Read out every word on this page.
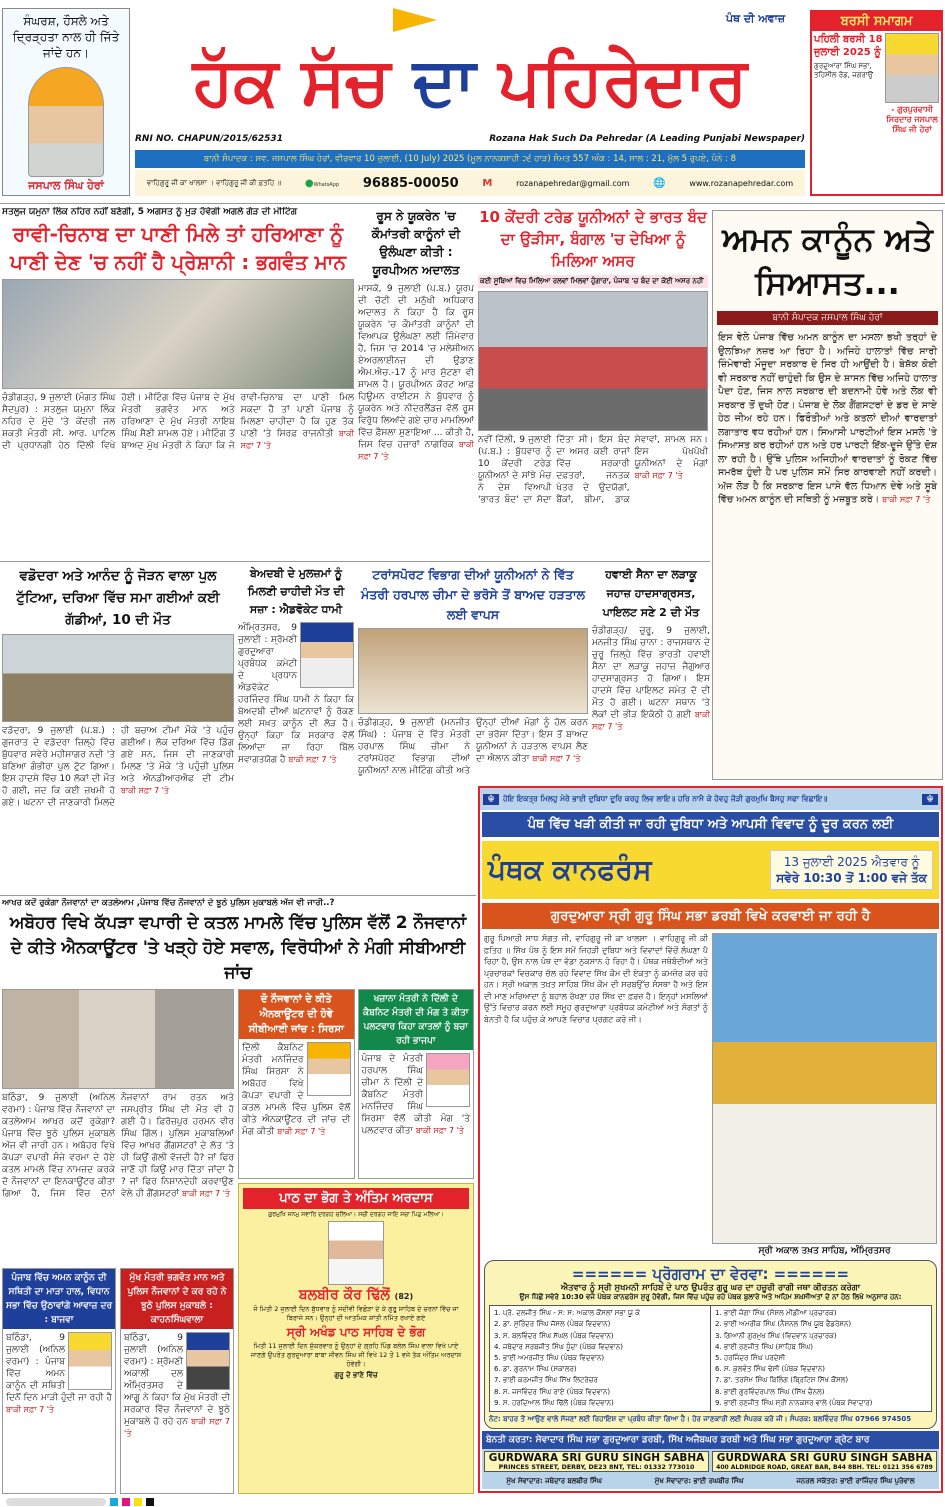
ਸੰਘਰਸ਼, ਹੌਸਲੇ ਅਤੇ ਦ੍ਰਿੜ੍ਹਤਾ ਨਾਲ ਹੀ ਜਿੱਤੇ ਜਾਂਦੇ ਹਨ।
ਜਸਪਾਲ ਸਿੰਘ ਹੇਰਾਂ
ਪੰਥ ਦੀ ਅਵਾਜ਼
ਹੱਕ ਸੱਚ ਦਾ ਪਹਿਰੇਦਾਰ
RNI NO. CHAPUN/2015/62531	Rozana Hak Such Da Pehredar (A Leading Punjabi Newspaper)
ਬਾਨੀ ਸੰਪਾਦਕ : ਸਵ. ਜਸਪਾਲ ਸਿੰਘ ਹੇਰਾਂ, ਵੀਰਵਾਰ 10 ਜੁਲਾਈ, (10 July) 2025 (ਮੂਲ ਨਾਨਕਸ਼ਾਹੀ ੨੬ ਹਾੜ) ਸੰਮਤ 557 ਅੰਕ : 14, ਸਾਲ : 21, ਮੁੱਲ 5 ਰੁਪਏ, ਪੰਨੇ : 8
ਵਾਹਿਗੁਰੂ ਜੀ ਕਾ ਖਾਲਸਾ । ਵਾਹਿਗੁਰੂ ਜੀ ਕੀ ਫ਼ਤਹਿ ॥ ●WhatsApp 96885-00050 M	rozanapehredar@gmail.com 🌐	www.rozanapehredar.com
ਬਰਸੀ ਸਮਾਗਮ
ਪਹਿਲੀ ਬਰਸੀ 18 ਜੁਲਾਈ 2025 ਨੂੰ
ਗੁਰਦੁਆਰਾ ਸਿੰਘ ਸਭਾ, ਤਹਿਸੀਲ ਰੋਡ, ਜਗਰਾਉਂ
- ਗੁਰਪੁਰਵਾਸੀ ਸਿਰਦਾਰ ਜਸਪਾਲ ਸਿੰਘ ਜੀ ਹੇਰਾਂ
ਸਤਲੁਜ ਯਮੁਨਾ ਲਿੰਕ ਨਹਿਰ ਨਹੀਂ ਬਣੇਗੀ, 5 ਅਗਸਤ ਨੂੰ ਮੁੜ ਹੋਵੇਗੀ ਅਗਲੇ ਗੇੜ ਦੀ ਮੀਟਿੰਗ
ਰਾਵੀ-ਚਿਨਾਬ ਦਾ ਪਾਣੀ ਮਿਲੇ ਤਾਂ ਹਰਿਆਣਾ ਨੂੰ ਪਾਣੀ ਦੇਣ 'ਚ ਨਹੀਂ ਹੈ ਪ੍ਰੇਸ਼ਾਨੀ : ਭਗਵੰਤ ਮਾਨ
ਚੰਡੀਗੜ੍ਹ, 9 ਜੁਲਾਈ (ਮੰਗਤ ਸਿੰਘ ਸੈਦਪੁਰ) : ਸਤਲੁਜ ਯਮੁਨਾ ਲਿੰਕ ਨਹਿਰ ਦੇ ਮੁੱਦੇ 'ਤੇ ਕੇਂਦਰੀ ਜਲ ਸ਼ਕਤੀ ਮੰਤਰੀ ਸੀ. ਆਰ. ਪਾਟਿਲ ਦੀ ਪ੍ਰਧਾਨਗੀ ਹੇਠ ਦਿੱਲੀ ਵਿਖੇ ਹੋਈ। ਮੀਟਿੰਗ ਵਿੱਚ ਪੰਜਾਬ ਦੇ ਮੁੱਖ ਮੰਤਰੀ ਭਗਵੰਤ ਮਾਨ ਅਤੇ ਹਰਿਆਣਾ ਦੇ ਮੁੱਖ ਮੰਤਰੀ ਨਾਇਬ ਸਿੰਘ ਸੈਣੀ ਸ਼ਾਮਲ ਹੋਏ। ਮੀਟਿੰਗ ਤੋਂ ਬਾਅਦ ਮੁੱਖ ਮੰਤਰੀ ਨੇ ਕਿਹਾ ਕਿ ਜੇ ਰਾਵੀ-ਚਿਨਾਬ ਦਾ ਪਾਣੀ ਮਿਲ ਸਕਦਾ ਹੈ ਤਾਂ ਪਾਣੀ ਪੰਜਾਬ ਨੂੰ ਮਿਲਣਾ ਚਾਹੀਦਾ ਹੈ ਕਿ ਹੁਣ ਤੱਕ ਪਾਣੀ 'ਤੇ ਸਿਰਫ਼ ਰਾਜਨੀਤੀ ਬਾਕੀ ਸਫ਼ਾ 7 'ਤੇ
ਰੂਸ ਨੇ ਯੂਕਰੇਨ 'ਚ ਕੌਮਾਂਤਰੀ ਕਾਨੂੰਨਾਂ ਦੀ ਉਲੰਘਣਾ ਕੀਤੀ : ਯੂਰਪੀਅਨ ਅਦਾਲਤ
ਮਾਸਕੋ, 9 ਜੁਲਾਈ (ਪ.ਬ.) ਯੂਰਪ ਦੀ ਚੋਟੀ ਦੀ ਮਨੁੱਖੀ ਅਧਿਕਾਰ ਅਦਾਲਤ ਨੇ ਕਿਹਾ ਹੈ ਕਿ ਰੂਸ ਯੂਕਰੇਨ 'ਚ ਕੌਮਾਂਤਰੀ ਕਾਨੂੰਨਾਂ ਦੀ ਵਿਆਪਕ ਉਲੰਘਣਾ ਲਈ ਜ਼ਿੰਮੇਵਾਰ ਹੈ, ਜਿਸ 'ਚ 2014 'ਚ ਮਲੇਸ਼ੀਅਨ ਏਅਰਲਾਈਨਜ਼ ਦੀ ਉਡਾਣ ਐਮ.ਐਚ.-17 ਨੂੰ ਮਾਰ ਸੁੱਟਣਾ ਵੀ ਸ਼ਾਮਲ ਹੈ। ਯੂਰਪੀਅਨ ਕੋਰਟ ਆਫ਼ ਹਿਊਮਨ ਰਾਈਟਸ ਨੇ ਬੁੱਧਵਾਰ ਨੂੰ ਯੂਕਰੇਨ ਅਤੇ ਨੀਦਰਲੈਂਡਜ਼ ਵੱਲੋਂ ਰੂਸ ਵਿਰੁੱਧ ਲਿਆਂਦੇ ਗਏ ਚਾਰ ਮਾਮਲਿਆਂ ਵਿੱਚ ਫ਼ੈਸਲਾ ਸੁਣਾਇਆ ... ਕੀਤੀ ਹੈ, ਜਿਸ ਵਿਚ ਹਜ਼ਾਰਾਂ ਨਾਗਰਿਕ ਬਾਕੀ ਸਫ਼ਾ 7 'ਤੇ
10 ਕੇਂਦਰੀ ਟਰੇਡ ਯੂਨੀਅਨਾਂ ਦੇ ਭਾਰਤ ਬੰਦ ਦਾ ਉੜੀਸਾ, ਬੰਗਾਲ 'ਚ ਦੇਖਿਆ ਨੂੰ ਮਿਲਿਆ ਅਸਰ
ਕਈ ਸੂਬਿਆਂ ਵਿਚ ਮਿਲਿਆ ਰਲਵਾਂ ਮਿਲਵਾਂ ਹੁੰਗਾਰਾ, ਪੰਜਾਬ 'ਚ ਬੰਦ ਦਾ ਕੋਈ ਅਸਰ ਨਹੀਂ
ਨਵੀਂ ਦਿੱਲੀ, 9 ਜੁਲਾਈ (ਪ.ਬ.) : ਬੁੱਧਵਾਰ ਨੂੰ 10 ਕੇਂਦਰੀ ਟਰੇਡ ਯੂਨੀਅਨਾਂ ਦੇ ਸਾਂਝੇ ਮੰਚ ਨੇ ਦੇਸ਼ ਵਿਆਪੀ 'ਭਾਰਤ ਬੰਦ' ਦਾ ਸੱਦਾ ਦਿੱਤਾ ਸੀ। ਇਸ ਬੰਦ ਦਾ ਅਸਰ ਕਈ ਰਾਜਾਂ ਵਿੱਚ ਸਰਕਾਰੀ ਦਫ਼ਤਰਾਂ, ਜਨਤਕ ਖੇਤਰ ਦੇ ਉਦਯੋਗਾਂ, ਬੈਂਕਾਂ, ਬੀਮਾ, ਡਾਕ ਸੇਵਾਵਾਂ, ਸ਼ਾਮਲ ਸਨ। ਇਸ ਪੱਖਪੱਖੀ ਯੂਨੀਅਨਾਂ ਦੇ ਮੰਗਾਂ ਬਾਕੀ ਸਫ਼ਾ 7 'ਤੇ
ਅਮਨ ਕਾਨੂੰਨ ਅਤੇ ਸਿਆਸਤ...
ਬਾਨੀ ਸੰਪਾਦਕ ਜਸਪਾਲ ਸਿੰਘ ਹੇਰਾਂ
ਇਸ ਵੇਲੇ ਪੰਜਾਬ ਵਿੱਚ ਅਮਨ ਕਾਨੂੰਨ ਦਾ ਮਸਲਾ ਭਖੀ ਤਰ੍ਹਾਂ ਦੇ ਉਲਝਿਆ ਨਜ਼ਰ ਆ ਰਿਹਾ ਹੈ। ਅਜਿਹੇ ਹਾਲਾਤਾਂ ਵਿੱਚ ਸਾਰੀ ਜ਼ਿੰਮੇਵਾਰੀ ਮੌਜੂਦਾ ਸਰਕਾਰ ਦੇ ਸਿਰ ਹੀ ਆਉਂਦੀ ਹੈ। ਬੇਸ਼ੱਕ ਕੋਈ ਵੀ ਸਰਕਾਰ ਨਹੀਂ ਚਾਹੁੰਦੀ ਕਿ ਉਸ ਦੇ ਸ਼ਾਸਨ ਵਿੱਚ ਅਜਿਹੇ ਹਾਲਾਤ ਪੈਦਾ ਹੋਣ, ਜਿਸ ਨਾਲ ਸਰਕਾਰ ਦੀ ਬਦਨਾਮੀ ਹੋਵੇ ਅਤੇ ਲੋਕ ਵੀ ਸਰਕਾਰ ਤੋਂ ਦੁਖੀ ਹੋਣ। ਪੰਜਾਬ ਦੇ ਲੋਕ ਗੈਂਗਸਟਰਾਂ ਦੇ ਡਰ ਦੇ ਸਾਏ ਹੇਠ ਜੀਅ ਰਹੇ ਹਨ। ਫਿਰੌਤੀਆਂ ਅਤੇ ਕਤਲਾਂ ਦੀਆਂ ਵਾਰਦਾਤਾਂ ਲਗਾਤਾਰ ਵਧ ਰਹੀਆਂ ਹਨ। ਸਿਆਸੀ ਪਾਰਟੀਆਂ ਇਸ ਮਸਲੇ 'ਤੇ ਸਿਆਸਤ ਕਰ ਰਹੀਆਂ ਹਨ ਅਤੇ ਹਰ ਪਾਰਟੀ ਇੱਕ-ਦੂਜੇ ਉੱਤੇ ਦੋਸ਼ ਲਾ ਰਹੀ ਹੈ। ਉੱਥੇ ਪੁਲਿਸ ਅਜਿਹੀਆਂ ਵਾਰਦਾਤਾਂ ਨੂੰ ਰੋਕਣ ਵਿੱਚ ਸਮਰੱਥ ਹੁੰਦੀ ਹੈ ਪਰ ਪੁਲਿਸ ਸਮੇਂ ਸਿਰ ਕਾਰਵਾਈ ਨਹੀਂ ਕਰਦੀ। ਅੱਜ ਲੋੜ ਹੈ ਕਿ ਸਰਕਾਰ ਇਸ ਪਾਸੇ ਵੱਲ ਧਿਆਨ ਦੇਵੇ ਅਤੇ ਸੂਬੇ ਵਿੱਚ ਅਮਨ ਕਾਨੂੰਨ ਦੀ ਸਥਿਤੀ ਨੂੰ ਮਜ਼ਬੂਤ ਕਰੇ। ਬਾਕੀ ਸਫ਼ਾ 7 'ਤੇ
ਵਡੋਦਰਾ ਅਤੇ ਆਨੰਦ ਨੂੰ ਜੋੜਨ ਵਾਲਾ ਪੁਲ ਟੁੱਟਿਆ, ਦਰਿਆ ਵਿੱਚ ਸਮਾ ਗਈਆਂ ਕਈ ਗੱਡੀਆਂ, 10 ਦੀ ਮੌਤ
ਵਡੋਦਰਾ, 9 ਜੁਲਾਈ (ਪ.ਬ.) : ਗੁਜਰਾਤ ਦੇ ਵਡੋਦਰਾ ਜ਼ਿਲ੍ਹੇ ਵਿੱਚ ਬੁੱਧਵਾਰ ਸਵੇਰੇ ਮਹੀਸਾਗਰ ਨਦੀ 'ਤੇ ਬਣਿਆ ਗੰਭੀਰਾ ਪੁਲ ਟੁੱਟ ਗਿਆ। ਇਸ ਹਾਦਸੇ ਵਿੱਚ 10 ਲੋਕਾਂ ਦੀ ਮੌਤ ਹੋ ਗਈ, ਜਦ ਕਿ ਕਈ ਜ਼ਖਮੀ ਹੋ ਗਏ। ਘਟਨਾ ਦੀ ਜਾਣਕਾਰੀ ਮਿਲਦੇ ਹੀ ਬਚਾਅ ਟੀਮਾਂ ਮੌਕੇ 'ਤੇ ਪਹੁੰਚ ਗਈਆਂ। ਲੋਕ ਦਰਿਆ ਵਿੱਚ ਡਿੱਗ ਗਏ ਸਨ, ਜਿਸ ਦੀ ਜਾਣਕਾਰੀ ਮਿਲਣ 'ਤੇ ਮੌਕੇ 'ਤੇ ਪਹੁੰਚੀ ਪੁਲਿਸ ਅਤੇ ਐਨਡੀਆਰਐਫ ਦੀ ਟੀਮ ਬਾਕੀ ਸਫ਼ਾ 7 'ਤੇ
ਬੇਅਦਬੀ ਦੇ ਮੁਲਜ਼ਮਾਂ ਨੂੰ ਮਿਲਣੀ ਚਾਹੀਦੀ ਮੌਤ ਦੀ ਸਜ਼ਾ : ਐਡਵੋਕੇਟ ਧਾਮੀ
ਅੰਮ੍ਰਿਤਸਰ, 9 ਜੁਲਾਈ : ਸ਼੍ਰੋਮਣੀ ਗੁਰਦੁਆਰਾ ਪ੍ਰਬੰਧਕ ਕਮੇਟੀ ਦੇ ਪ੍ਰਧਾਨ ਐਡਵੋਕੇਟ ਹਰਜਿੰਦਰ ਸਿੰਘ ਧਾਮੀ ਨੇ ਕਿਹਾ ਕਿ ਬੇਅਦਬੀ ਦੀਆਂ ਘਟਨਾਵਾਂ ਨੂੰ ਰੋਕਣ ਲਈ ਸਖ਼ਤ ਕਾਨੂੰਨ ਦੀ ਲੋੜ ਹੈ। ਉਨ੍ਹਾਂ ਕਿਹਾ ਕਿ ਸਰਕਾਰ ਵੱਲੋਂ ਲਿਆਂਦਾ ਜਾ ਰਿਹਾ ਬਿੱਲ ਸਵਾਗਤਯੋਗ ਹੈ ਬਾਕੀ ਸਫ਼ਾ 7 'ਤੇ
ਟਰਾਂਸਪੋਰਟ ਵਿਭਾਗ ਦੀਆਂ ਯੂਨੀਅਨਾਂ ਨੇ ਵਿੱਤ ਮੰਤਰੀ ਹਰਪਾਲ ਚੀਮਾ ਦੇ ਭਰੋਸੇ ਤੋਂ ਬਾਅਦ ਹੜਤਾਲ ਲਈ ਵਾਪਸ
ਚੰਡੀਗੜ੍ਹ, 9 ਜੁਲਾਈ (ਮਨਜੀਤ ਸਿੰਘ) : ਪੰਜਾਬ ਦੇ ਵਿੱਤ ਮੰਤਰੀ ਹਰਪਾਲ ਸਿੰਘ ਚੀਮਾ ਨੇ ਟਰਾਂਸਪੋਰਟ ਵਿਭਾਗ ਦੀਆਂ ਯੂਨੀਅਨਾਂ ਨਾਲ ਮੀਟਿੰਗ ਕੀਤੀ ਅਤੇ ਉਨ੍ਹਾਂ ਦੀਆਂ ਮੰਗਾਂ ਨੂੰ ਹੱਲ ਕਰਨ ਦਾ ਭਰੋਸਾ ਦਿੱਤਾ। ਇਸ ਤੋਂ ਬਾਅਦ ਯੂਨੀਅਨਾਂ ਨੇ ਹੜਤਾਲ ਵਾਪਸ ਲੈਣ ਦਾ ਐਲਾਨ ਕੀਤਾ ਬਾਕੀ ਸਫ਼ਾ 7 'ਤੇ
ਹਵਾਈ ਸੈਨਾ ਦਾ ਲੜਾਕੂ ਜਹਾਜ਼ ਹਾਦਸਾਗ੍ਰਸਤ, ਪਾਇਲਟ ਸਣੇ 2 ਦੀ ਮੌਤ
ਚੰਡੀਗੜ੍ਹ/ ਚੁਰੂ, 9 ਜੁਲਾਈ, ਮਨਜੀਤ ਸਿੰਘ ਚਾਨਾ : ਰਾਜਸਥਾਨ ਦੇ ਚੁਰੂ ਜ਼ਿਲ੍ਹੇ ਵਿੱਚ ਭਾਰਤੀ ਹਵਾਈ ਸੈਨਾ ਦਾ ਲੜਾਕੂ ਜਹਾਜ਼ ਜੈਗੁਆਰ ਹਾਦਸਾਗ੍ਰਸਤ ਹੋ ਗਿਆ। ਇਸ ਹਾਦਸੇ ਵਿੱਚ ਪਾਇਲਟ ਸਮੇਤ ਦੋ ਦੀ ਮੌਤ ਹੋ ਗਈ। ਘਟਨਾ ਸਥਾਨ 'ਤੇ ਲੋਕਾਂ ਦੀ ਭੀੜ ਇਕੱਠੀ ਹੋ ਗਈ ਬਾਕੀ ਸਫ਼ਾ 7 'ਤੇ
ਆਖਰ ਕਦੋਂ ਰੁਕੇਗਾ ਨੌਜਵਾਨਾਂ ਦਾ ਕਤਲੇਆਮ ,ਪੰਜਾਬ ਵਿੱਚ ਨੌਜਵਾਨਾਂ ਦੇ ਝੂਠੇ ਪੁਲਿਸ ਮੁਕਾਬਲੇ ਅੱਜ ਵੀ ਜਾਰੀ..?
ਅਬੋਹਰ ਵਿਖੇ ਕੱਪੜਾ ਵਪਾਰੀ ਦੇ ਕਤਲ ਮਾਮਲੇ ਵਿੱਚ ਪੁਲਿਸ ਵੱਲੋਂ 2 ਨੌਜਵਾਨਾਂ ਦੇ ਕੀਤੇ ਐਨਕਾਊਂਟਰ 'ਤੇ ਖੜ੍ਹੇ ਹੋਏ ਸਵਾਲ, ਵਿਰੋਧੀਆਂ ਨੇ ਮੰਗੀ ਸੀਬੀਆਈ ਜਾਂਚ
ਬਠਿੰਡਾ, 9 ਜੁਲਾਈ (ਅਨਿਲ ਵਰਮਾ) : ਪੰਜਾਬ ਵਿੱਚ ਨੌਜਵਾਨਾਂ ਦਾ ਕਤਲੇਆਮ ਆਖਰ ਕਦੋਂ ਰੁਕੇਗਾ? ਪੰਜਾਬ ਵਿੱਚ ਝੂਠੇ ਪੁਲਿਸ ਮੁਕਾਬਲੇ ਅੱਜ ਵੀ ਜਾਰੀ ਹਨ। ਅਬੋਹਰ ਵਿਖੇ ਕੱਪੜਾ ਵਪਾਰੀ ਸੰਜੇ ਵਰਮਾ ਦੇ ਹੋਏ ਕਤਲ ਮਾਮਲੇ ਵਿੱਚ ਨਾਮਜ਼ਦ ਕਰਕੇ ਦੋ ਨੌਜਵਾਨਾਂ ਦਾ ਇਨਕਾਊਂਟਰ ਕੀਤਾ ਗਿਆ ਹੈ, ਜਿਸ ਵਿੱਚ ਦੋਨਾਂ ਨੌਜਵਾਨਾਂ ਰਾਮ ਰਤਨ ਅਤੇ ਜਸਪ੍ਰੀਤ ਸਿੰਘ ਦੀ ਮੌਤ ਵੀ ਹੋ ਗਈ ਹੈ। ਫ਼ਿਰੋਜ਼ਪੁਰ ਹਰਮਨ ਵੀਰ ਸਿੰਘ ਗਿੱਲ। ਪੁਲਿਸ ਮੁਕਾਬਲਿਆਂ ਵਿੱਚ ਆਖਰ ਗੈਂਗਸਟਰਾਂ ਦੇ ਲੱਤ 'ਤੇ ਹੀ ਕਿਉਂ ਗੋਲੀ ਵੱਜਦੀ ਹੈ? ਜਾਂ ਫਿਰ ਜਾਣੋਂ ਹੀ ਕਿਉਂ ਮਾਰ ਦਿੱਤਾ ਜਾਂਦਾ ਹੈ ? ਜਾਂ ਫਿਰ ਨਿਸ਼ਾਨਦੇਹੀ ਕਰਵਾਉਣ ਵੇਲੇ ਹੀ ਗੈਂਗਸਟਰਾਂ ਬਾਕੀ ਸਫ਼ਾ 7 'ਤੇ
ਪੰਜਾਬ ਵਿੱਚ ਅਮਨ ਕਾਨੂੰਨ ਦੀ ਸਥਿਤੀ ਦਾ ਮਾੜਾ ਹਾਲ, ਵਿਧਾਨ ਸਭਾ ਵਿੱਚ ਉਠਾਵਾਂਗੇ ਆਵਾਜ਼ ਦਰ : ਬਾਜਵਾ
ਬਠਿੰਡਾ, 9 ਜੁਲਾਈ (ਅਨਿਲ ਵਰਮਾ) : ਪੰਜਾਬ ਵਿੱਚ ਅਮਨ ਕਾਨੂੰਨ ਦੀ ਸਥਿਤੀ ਦਿਨੋਂ ਦਿਨ ਮਾੜੀ ਹੁੰਦੀ ਜਾ ਰਹੀ ਹੈ ਬਾਕੀ ਸਫ਼ਾ 7 'ਤੇ
ਮੁੱਖ ਮੰਤਰੀ ਭਗਵੰਤ ਮਾਨ ਅਤੇ ਪੁਲਿਸ ਨੌਜਵਾਨਾਂ ਦੇ ਕਰ ਰਹੇ ਨੇ ਝੂਠੇ ਪੁਲਿਸ ਮੁਕਾਬਲੇ : ਕਾਹਨਸਿੰਘਵਾਲਾ
ਬਠਿੰਡਾ, 9 ਜੁਲਾਈ (ਅਨਿਲ ਵਰਮਾ) : ਸ਼੍ਰੋਮਣੀ ਅਕਾਲੀ ਦਲ ਅੰਮ੍ਰਿਤਸਰ ਦੇ ਆਗੂ ਨੇ ਕਿਹਾ ਕਿ ਮੁੱਖ ਮੰਤਰੀ ਦੀ ਸਰਕਾਰ ਵਿੱਚ ਨੌਜਵਾਨਾਂ ਦੇ ਝੂਠੇ ਮੁਕਾਬਲੇ ਹੋ ਰਹੇ ਹਨ ਬਾਕੀ ਸਫ਼ਾ 7 'ਤੇ
ਦੋ ਨੌਜਵਾਨਾਂ ਦੇ ਕੀਤੇ ਐਨਕਾਊਂਟਰ ਦੀ ਹੋਵੇ ਸੀਬੀਆਈ ਜਾਂਚ : ਸਿਰਸਾ
ਦਿੱਲੀ ਕੈਬਨਿਟ ਮੰਤਰੀ ਮਨਜਿੰਦਰ ਸਿੰਘ ਸਿਰਸਾ ਨੇ ਅਬੋਹਰ ਵਿਖੇ ਕੱਪੜਾ ਵਪਾਰੀ ਦੇ ਕਤਲ ਮਾਮਲੇ ਵਿੱਚ ਪੁਲਿਸ ਵੱਲੋਂ ਕੀਤੇ ਐਨਕਾਊਂਟਰ ਦੀ ਜਾਂਚ ਦੀ ਮੰਗ ਕੀਤੀ ਬਾਕੀ ਸਫ਼ਾ 7 'ਤੇ
ਖਜ਼ਾਨਾ ਮੰਤਰੀ ਨੇ ਦਿੱਲੀ ਦੇ ਕੈਬਨਿਟ ਮੰਤਰੀ ਦੀ ਮੰਗ ਤੇ ਕੀਤਾ ਪਲਟਵਾਰ ਕਿਹਾ ਕਾਤਲਾਂ ਨੂੰ ਬਚਾ ਰਹੀ ਭਾਜਪਾ
ਪੰਜਾਬ ਦੇ ਮੰਤਰੀ ਹਰਪਾਲ ਸਿੰਘ ਚੀਮਾ ਨੇ ਦਿੱਲੀ ਦੇ ਕੈਬਨਿਟ ਮੰਤਰੀ ਮਨਜਿੰਦਰ ਸਿੰਘ ਸਿਰਸਾ ਵੱਲੋਂ ਕੀਤੀ ਮੰਗ 'ਤੇ ਪਲਟਵਾਰ ਕੀਤਾ ਬਾਕੀ ਸਫ਼ਾ 7 'ਤੇ
ਪਾਠ ਦਾ ਭੋਗ ਤੇ ਅੰਤਿਮ ਅਰਦਾਸ
ਗੁਰਮੁਖਿ ਜਨਮੁ ਸਵਾਰਿ ਦਰਗਹ ਚਲਿਆ। ਸਚੀ ਦਰਗਹ ਜਾਇ ਸਚਾ ਪਿੜੁ ਮਲਿਆ।
ਬਲਬੀਰ ਕੌਰ ਢਿੱਲੋਂ (82)
ਜੋ ਮਿਤੀ 2 ਜੁਲਾਈ ਦਿਨ ਬੁੱਧਵਾਰ ਨੂੰ ਸਦੀਵੀ ਵਿਛੋੜਾ ਦੇ ਕੇ ਗੁਰੂ ਸਾਹਿਬ ਦੇ ਚਰਨਾਂ ਵਿੱਚ ਜਾ ਬਿਰਾਜੇ ਸਨ। ਉਨ੍ਹਾਂ ਦੀ ਆਤਮਿਕ ਸ਼ਾਂਤੀ ਨਮਿੱਤ ਰਖਾਏ ਗਏ
ਸ੍ਰੀ ਅਖੰਡ ਪਾਠ ਸਾਹਿਬ ਦੇ ਭੋਗ
ਮਿਤੀ 11 ਜੁਲਾਈ ਦਿਨ ਸ਼ੁੱਕਰਵਾਰ ਨੂੰ ਉਨ੍ਹਾਂ ਦੇ ਗ੍ਰਹਿ ਪਿੰਡ ਬਲੇਲ ਸਿੰਘ ਵਾਲਾ ਵਿਖੇ ਪਾਏ ਜਾਣਗੇ ਉਪਰੰਤ ਗੁਰਦੁਆਰਾ ਬਾਬਾ ਜੀਵਨ ਸਿੰਘ ਜੀ ਵਿਖੇ 12 ਤੋਂ 1 ਵਜੇ ਤੱਕ ਅੰਤਿਮ ਅਰਦਾਸ ਹੋਵੇਗੀ।
ਗੁਰੂ ਦੇ ਭਾਣੇ ਵਿੱਚ
☬	ਹੋਇ ਇਕਤ੍ਰ ਮਿਲਹੁ ਮੇਰੇ ਭਾਈ ਦੁਬਿਧਾ ਦੂਰਿ ਕਰਹੁ ਲਿਵ ਲਾਇ॥ ਹਰਿ ਨਾਮੈ ਕੇ ਹੋਵਹੁ ਜੋੜੀ ਗੁਰਮੁਖਿ ਬੈਸਹੁ ਸਫਾ ਵਿਛਾਇ॥	☬
ਪੰਥ ਵਿੱਚ ਖੜੀ ਕੀਤੀ ਜਾ ਰਹੀ ਦੁਬਿਧਾ ਅਤੇ ਆਪਸੀ ਵਿਵਾਦ ਨੂੰ ਦੂਰ ਕਰਨ ਲਈ
ਪੰਥਕ ਕਾਨਫਰੰਸ	13 ਜੁਲਾਈ 2025 ਐਤਵਾਰ ਨੂੰ
ਸਵੇਰੇ 10:30 ਤੋਂ 1:00 ਵਜੇ ਤੱਕ
ਗੁਰਦੁਆਰਾ ਸ੍ਰੀ ਗੁਰੂ ਸਿੰਘ ਸਭਾ ਡਰਬੀ ਵਿਖੇ ਕਰਵਾਈ ਜਾ ਰਹੀ ਹੈ
ਗੁਰੂ ਪਿਆਰੀ ਸਾਧ ਸੰਗਤ ਜੀ, ਵਾਹਿਗੁਰੂ ਜੀ ਕਾ ਖਾਲਸਾ । ਵਾਹਿਗੁਰੂ ਜੀ ਕੀ ਫ਼ਤਿਹ ॥ ਸਿੱਖ ਪੰਥ ਨੂੰ ਇਸ ਸਮੇਂ ਜਿਹੜੀ ਦੁਬਿਧਾ ਅਤੇ ਵਿਵਾਦਾਂ ਵਿੱਚੋਂ ਲੰਘਣਾ ਪੈ ਰਿਹਾ ਹੈ, ਉਸ ਨਾਲ ਪੰਥ ਦਾ ਵੱਡਾ ਨੁਕਸਾਨ ਹੋ ਰਿਹਾ ਹੈ। ਪੰਥਕ ਜਥੇਬੰਦੀਆਂ ਅਤੇ ਪ੍ਰਚਾਰਕਾਂ ਵਿਚਕਾਰ ਚੱਲ ਰਹੇ ਵਿਵਾਦ ਸਿੱਖ ਕੌਮ ਦੀ ਏਕਤਾ ਨੂੰ ਕਮਜ਼ੋਰ ਕਰ ਰਹੇ ਹਨ। ਸ੍ਰੀ ਅਕਾਲ ਤਖ਼ਤ ਸਾਹਿਬ ਸਿੱਖ ਕੌਮ ਦੀ ਸਰਬਉੱਚ ਸੰਸਥਾ ਹੈ ਅਤੇ ਇਸ ਦੀ ਮਾਣ ਮਰਿਆਦਾ ਨੂੰ ਬਹਾਲ ਰੱਖਣਾ ਹਰ ਸਿੱਖ ਦਾ ਫ਼ਰਜ਼ ਹੈ। ਇਨ੍ਹਾਂ ਮਸਲਿਆਂ ਉੱਤੇ ਵਿਚਾਰ ਕਰਨ ਲਈ ਸਮੂਹ ਗੁਰਦੁਆਰਾ ਪ੍ਰਬੰਧਕ ਕਮੇਟੀਆਂ ਅਤੇ ਸੰਗਤਾਂ ਨੂੰ ਬੇਨਤੀ ਹੈ ਕਿ ਪਹੁੰਚ ਕੇ ਆਪਣੇ ਵਿਚਾਰ ਪ੍ਰਗਟ ਕਰੋ ਜੀ।
ਸ੍ਰੀ ਅਕਾਲ ਤਖ਼ਤ ਸਾਹਿਬ, ਅੰਮ੍ਰਿਤਸਰ
====== ਪ੍ਰੋਗਰਾਮ ਦਾ ਵੇਰਵਾ: ======
ਐਤਵਾਰ ਨੂੰ ਸ੍ਰੀ ਸੁਖਮਨੀ ਸਾਹਿਬ ਦੇ ਪਾਠ ਉਪਰੰਤ ਗੁਰੂ ਘਰ ਦਾ ਹਜ਼ੂਰੀ ਰਾਗੀ ਜਥਾ ਕੀਰਤਨ ਕਰੇਗਾ
ਉਸ ਪਿੱਛੋਂ ਸਵੇਰੇ 10:30 ਵਜੇ ਪੰਥਕ ਕਾਨਫਰੰਸ ਸ਼ੁਰੂ ਹੋਵੇਗੀ, ਜਿਸ ਵਿੱਚ ਪਹੁੰਚ ਰਹੇ ਪੰਥਕ ਬੁਲਾਰੇ ਅਤੇ ਅਹਿਮ ਸ਼ਖ਼ਸੀਅਤਾਂ ਦੇ ਨਾਂ ਹੇਠ ਲਿਖੇ ਅਨੁਸਾਰ ਹਨ:
1. ਪ੍ਰੋ. ਦਲਜੀਤ ਸਿੰਘ - ਸ: ਸ: ਅਕਾਲ ਕੌਂਸਲਾਂ ਸਭਾ ਯੂ ਕੇ
2. ਡਾ. ਸੁਰਿੰਦਰ ਸਿੰਘ ਜੱਸਲ (ਪੰਥਕ ਵਿਦਵਾਨ)
3. ਸ. ਬਲਵਿੰਦਰ ਸਿੰਘ ਸੱਘਲ (ਪੰਥਕ ਵਿਦਵਾਨ)
4. ਜਥੇਦਾਰ ਸਰਬਜੀਤ ਸਿੰਘ ਧੂੰਦਾ (ਪੰਥਕ ਵਿਦਵਾਨ)
5. ਭਾਈ ਅਮਰਜੀਤ ਸਿੰਘ (ਪੰਥਕ ਵਿਦਵਾਨ)
6. ਡਾ. ਗੁਰਨਾਮ ਸਿੰਘ (ਸਕਾਲਰ)
7. ਭਾਈ ਕਰਮਜੀਤ ਸਿੰਘ ਸਿੱਖ ਲਿਟਰੇਚਰ
8. ਸ. ਜਸਵਿੰਦਰ ਸਿੰਘ ਰਾਏ (ਪੰਥਕ ਵਿਦਵਾਨ)
9. ਸ. ਹਰਦਿਆਲ ਸਿੰਘ ਢਿੱਲੋਂ (ਪੰਥਕ ਵਿਦਵਾਨ)
1. ਭਾਈ ਜੋਗਾ ਸਿੰਘ (ਸੋਸ਼ਲ ਮੀਡੀਆ ਪ੍ਰਚਾਰਕ)
2. ਭਾਈ ਅਮਰੀਕ ਸਿੰਘ (ਨੈਸ਼ਨਲ ਸਿੱਖ ਯੂਥ ਫੈਡਰੇਸ਼ਨ)
3. ਗਿਆਨੀ ਗੁਰਮੁਖ ਸਿੰਘ (ਵਿਦਵਾਨ ਪ੍ਰਚਾਰਕ)
4. ਭਾਈ ਰਣਜੀਤ ਸਿੰਘ (ਸਾਹਿਬ ਸਿੰਘ)
5. ਹਰਜਿੰਦਰ ਸਿੰਘ ਪਰਦੇਸੀ
6. ਸ. ਕੁਲਵੰਤ ਸਿੰਘ ਢੇਸੀ (ਪੰਥਕ ਵਿਦਵਾਨ)
7. ਡਾ. ਤਰਸੇਮ ਸਿੰਘ ਬਿਲਿੰਗ (ਬ੍ਰਿਟਿਸ਼ ਸਿੱਖ ਕੌਂਸਲ)
8. ਭਾਈ ਗੁਰਵਿੰਦਰਪਾਲ ਸਿੰਘ (ਸਿੱਖ ਚੈਨਲ)
9. ਭਾਈ ਰਣਜੀਤ ਸਿੰਘ ਸ੍ਰੀ ਨਾਨਕਸਰ ਵਾਲੇ (ਪੰਥਕ ਸੇਵਾਦਾਰ)
ਨੋਟ: ਬਾਹਰ ਤੋਂ ਆਉਣ ਵਾਲੇ ਸੱਜਣਾਂ ਲਈ ਰਿਹਾਇਸ਼ ਦਾ ਪ੍ਰਬੰਧ ਕੀਤਾ ਗਿਆ ਹੈ। ਹੋਰ ਜਾਣਕਾਰੀ ਲਈ ਸੰਪਰਕ ਕਰੋ ਜੀ। ਸੰਪਰਕ: ਬਲਵਿੰਦਰ ਸਿੰਘ 07966 974505
ਬੇਨਤੀ ਕਰਤਾ: ਸੇਵਾਦਾਰ ਸਿੰਘ ਸਭਾ ਗੁਰਦੁਆਰਾ ਡਰਬੀ, ਸਿੱਖ ਅਜੈਬਘਰ ਡਰਬੀ ਅਤੇ ਸਿੰਘ ਸਭਾ ਗੁਰਦੁਆਰਾ ਗ੍ਰੇਟ ਬਾਰ
GURDWARA SRI GURU SINGH SABHA
PRINCES STREET, DERBY, DE23 8NT, TEL: 01332 773010
GURDWARA SRI GURU SINGH SABHA
400 ALDRIDGE ROAD, GREAT BAR, B44 8BH. TEL: 0121 356 6789
ਮੁੱਖ ਸੇਵਾਦਾਰ: ਜਥੇਦਾਰ ਬਲਬੀਰ ਸਿੰਘ	ਮੁੱਖ ਸੇਵਾਦਾਰ: ਭਾਈ ਰਘਬੀਰ ਸਿੰਘ	ਜਨਰਲ ਸਕੱਤਰ: ਭਾਈ ਰਾਜਿੰਦਰ ਸਿੰਘ ਪੁਰੇਵਾਲ
